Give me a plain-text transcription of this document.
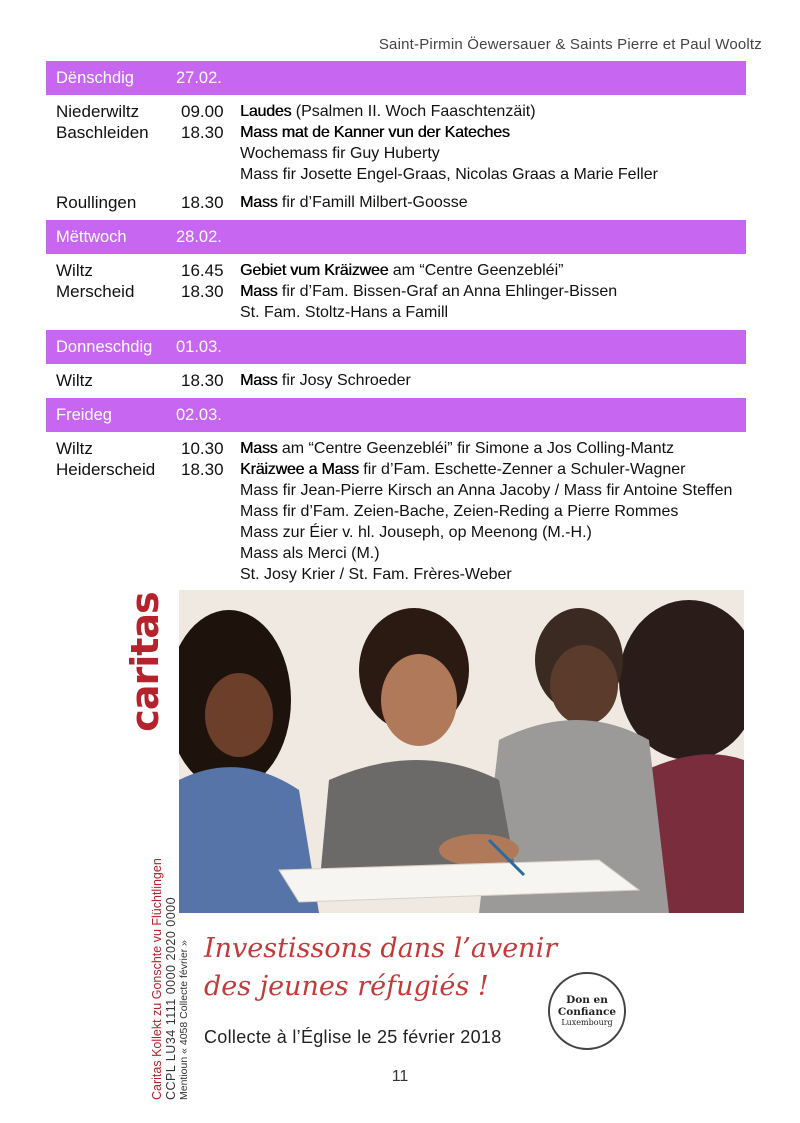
Saint-Pirmin Öewersauer & Saints Pierre et Paul Wooltz
Dënschdig	27.02.
Niederwiltz	09.00	Laudes (Psalmen II. Woch Faaschtenzäit)
Baschleiden	18.30	Mass mat de Kanner vun der Kateches
Wochemass fir Guy Huberty
Mass fir Josette Engel-Graas, Nicolas Graas a Marie Feller
Roullingen	18.30	Mass fir d’Famill Milbert-Goosse
Mëttwoch	28.02.
Wiltz	16.45	Gebiet vum Kräizwee am “Centre Geenzebléi”
Merscheid	18.30	Mass fir d’Fam. Bissen-Graf an Anna Ehlinger-Bissen
St. Fam. Stoltz-Hans a Famill
Donneschdig	01.03.
Wiltz	18.30	Mass fir Josy Schroeder
Freideg	02.03.
Wiltz	10.30	Mass am “Centre Geenzebléi” fir Simone a Jos Colling-Mantz
Heiderscheid	18.30	Kräizwee a Mass fir d’Fam. Eschette-Zenner a Schuler-Wagner
Mass fir Jean-Pierre Kirsch an Anna Jacoby / Mass fir Antoine Steffen
Mass fir d’Fam. Zeien-Bache, Zeien-Reding a Pierre Rommes
Mass zur Éier v. hl. Jouseph, op Meenong (M.-H.)
Mass als Merci (M.)
St. Josy Krier / St. Fam. Frères-Weber
caritas
Caritas Kollekt zu Gonschte vu Flüchtlingen CCPL LU34 1111 0000 2020 0000 Mentioun « 4058 Collecte février » Investissons dans l’avenir
des jeunes réfugiés !	Don en
Confiance
Luxembourg
Collecte à l’Église le 25 février 2018
11
